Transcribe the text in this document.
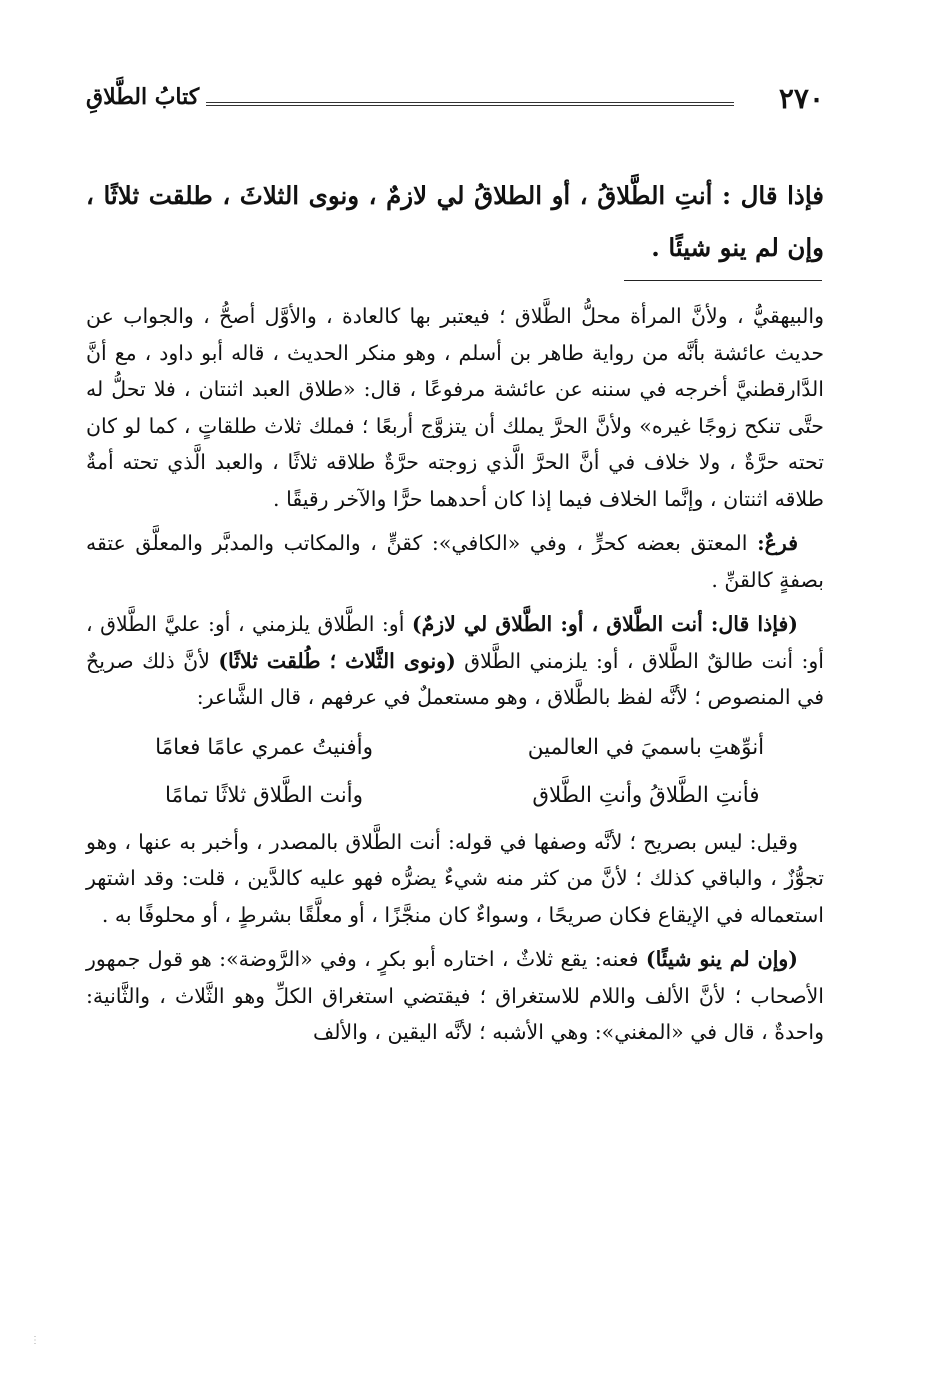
٢٧٠
كتابُ الطَّلاقِ
فإذا قال : أنتِ الطَّلاقُ ، أو الطلاقُ لي لازمٌ ، ونوى الثلاثَ ، طلقت ثلاثًا ، وإن لم ينو شيئًا .

والبيهقيُّ ، ولأنَّ المرأة محلُّ الطَّلاق ؛ فيعتبر بها كالعادة ، والأوَّل أصحُّ ، والجواب عن حديث عائشة بأنَّه من رواية طاهر بن أسلم ، وهو منكر الحديث ، قاله أبو داود ، مع أنَّ الدَّارقطنيَّ أخرجه في سننه عن عائشة مرفوعًا ، قال: «طلاق العبد اثنتان ، فلا تحلُّ له حتَّى تنكح زوجًا غيره» ولأنَّ الحرَّ يملك أن يتزوَّج أربعًا ؛ فملك ثلاث طلقاتٍ ، كما لو كان تحته حرَّةٌ ، ولا خلاف في أنَّ الحرَّ الَّذي زوجته حرَّةٌ طلاقه ثلاثًا ، والعبد الَّذي تحته أمةٌ طلاقه اثنتان ، وإنَّما الخلاف فيما إذا كان أحدهما حرًّا والآخر رقيقًا .

فرعٌ: المعتق بعضه كحرٍّ ، وفي «الكافي»: كقنٍّ ، والمكاتب والمدبَّر والمعلَّق عتقه بصفةٍ كالقنِّ .

(فإذا قال: أنت الطَّلاق ، أو: الطَّلاق لي لازمٌ) أو: الطَّلاق يلزمني ، أو: عليَّ الطَّلاق ، أو: أنت طالقٌ الطَّلاق ، أو: يلزمني الطَّلاق (ونوى الثَّلاث ؛ طُلقت ثلاثًا) لأنَّ ذلك صريحٌ في المنصوص ؛ لأنَّه لفظ بالطَّلاق ، وهو مستعملٌ في عرفهم ، قال الشَّاعر:

أنوِّهتِ باسميَ في العالمين
وأفنيتُ عمري عامًا فعامًا
فأنتِ الطَّلاقُ وأنتِ الطَّلاق
وأنت الطَّلاق ثلاثًا تمامًا

وقيل: ليس بصريح ؛ لأنَّه وصفها في قوله: أنت الطَّلاق بالمصدر ، وأخبر به عنها ، وهو تجوُّزٌ ، والباقي كذلك ؛ لأنَّ من كثر منه شيءٌ يضرُّه فهو عليه كالدَّين ، قلت: وقد اشتهر استعماله في الإيقاع فكان صريحًا ، وسواءٌ كان منجَّزًا ، أو معلَّقًا بشرطٍ ، أو محلوفًا به .

(وإن لم ينو شيئًا) فعنه: يقع ثلاثٌ ، اختاره أبو بكرٍ ، وفي «الرَّوضة»: هو قول جمهور الأصحاب ؛ لأنَّ الألف واللام للاستغراق ؛ فيقتضي استغراق الكلِّ وهو الثَّلاث ، والثَّانية: واحدةٌ ، قال في «المغني»: وهي الأشبه ؛ لأنَّه اليقين ، والألف

⋮
